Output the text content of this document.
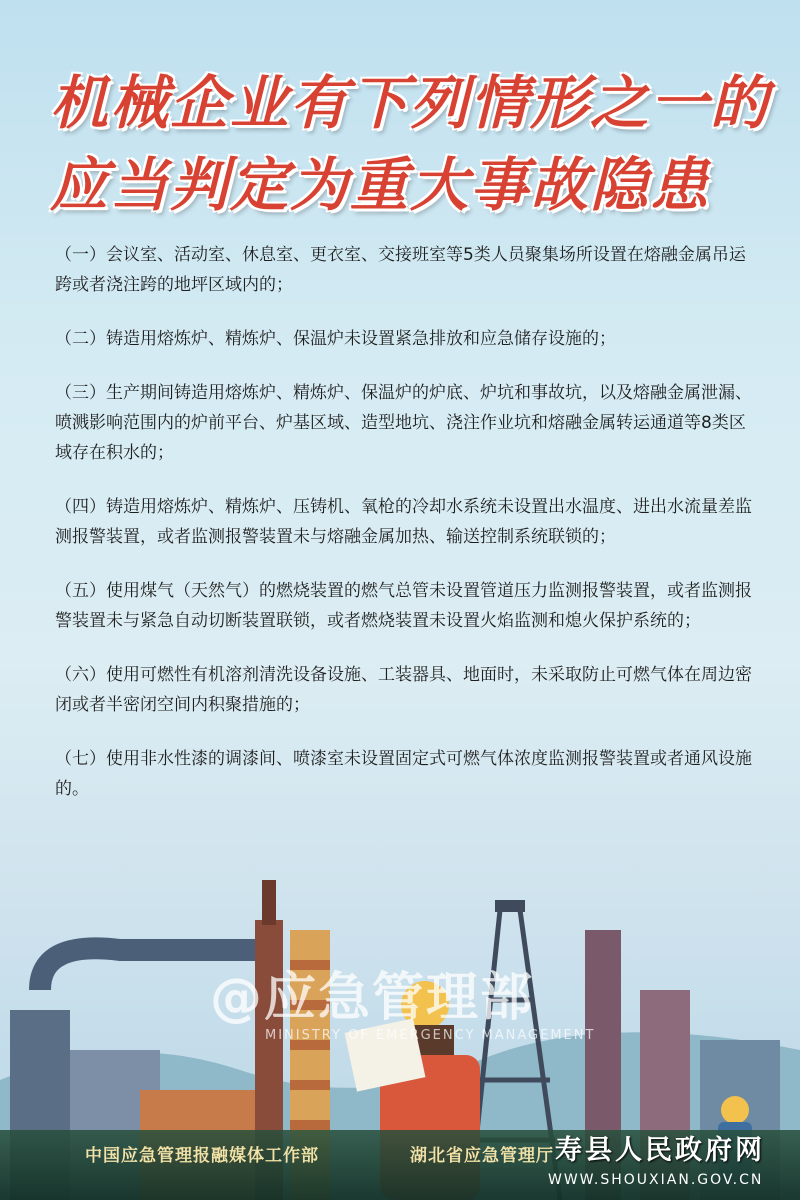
机械企业有下列情形之一的
应当判定为重大事故隐患
（一）会议室、活动室、休息室、更衣室、交接班室等5类人员聚集场所设置在熔融金属吊运跨或者浇注跨的地坪区域内的；
（二）铸造用熔炼炉、精炼炉、保温炉未设置紧急排放和应急储存设施的；
（三）生产期间铸造用熔炼炉、精炼炉、保温炉的炉底、炉坑和事故坑，以及熔融金属泄漏、喷溅影响范围内的炉前平台、炉基区域、造型地坑、浇注作业坑和熔融金属转运通道等8类区域存在积水的；
（四）铸造用熔炼炉、精炼炉、压铸机、氧枪的冷却水系统未设置出水温度、进出水流量差监测报警装置，或者监测报警装置未与熔融金属加热、输送控制系统联锁的；
（五）使用煤气（天然气）的燃烧装置的燃气总管未设置管道压力监测报警装置，或者监测报警装置未与紧急自动切断装置联锁，或者燃烧装置未设置火焰监测和熄火保护系统的；
（六）使用可燃性有机溶剂清洗设备设施、工装器具、地面时，未采取防止可燃气体在周边密闭或者半密闭空间内积聚措施的；
（七）使用非水性漆的调漆间、喷漆室未设置固定式可燃气体浓度监测报警装置或者通风设施的。
@应急管理部
MINISTRY OF EMERGENCY MANAGEMENT
中国应急管理报融媒体工作部	湖北省应急管理厅 寿县人民政府网
WWW.SHOUXIAN.GOV.CN
